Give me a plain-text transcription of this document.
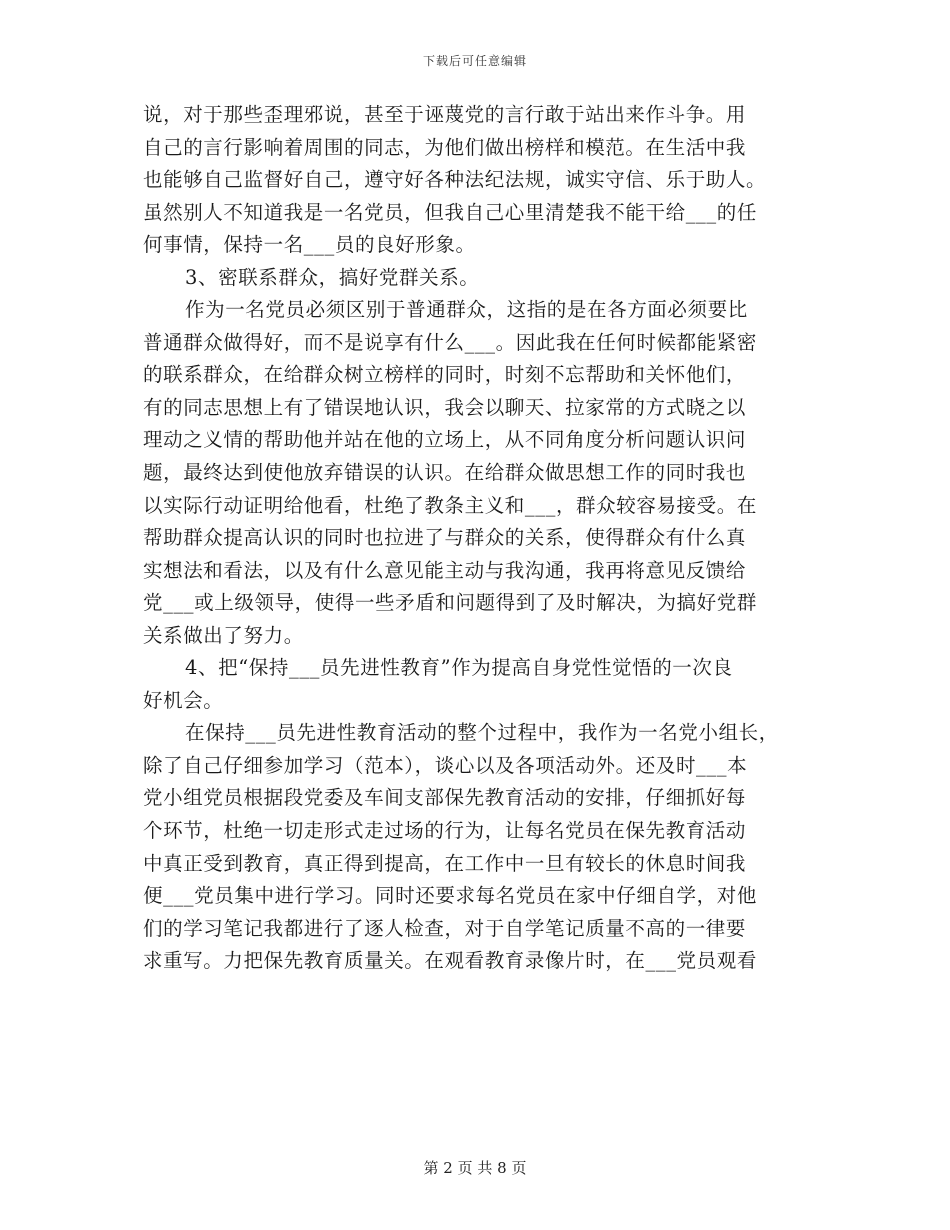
下载后可任意编辑
说，对于那些歪理邪说，甚至于诬蔑党的言行敢于站出来作斗争。用
自己的言行影响着周围的同志，为他们做出榜样和模范。在生活中我
也能够自己监督好自己，遵守好各种法纪法规，诚实守信、乐于助人。
虽然别人不知道我是一名党员，但我自己心里清楚我不能干给___的任
何事情，保持一名___员的良好形象。
3、密联系群众，搞好党群关系。
作为一名党员必须区别于普通群众，这指的是在各方面必须要比
普通群众做得好，而不是说享有什么___。因此我在任何时候都能紧密
的联系群众，在给群众树立榜样的同时，时刻不忘帮助和关怀他们，
有的同志思想上有了错误地认识，我会以聊天、拉家常的方式晓之以
理动之义情的帮助他并站在他的立场上，从不同角度分析问题认识问
题，最终达到使他放弃错误的认识。在给群众做思想工作的同时我也
以实际行动证明给他看，杜绝了教条主义和___，群众较容易接受。在
帮助群众提高认识的同时也拉进了与群众的关系，使得群众有什么真
实想法和看法，以及有什么意见能主动与我沟通，我再将意见反馈给
党___或上级领导，使得一些矛盾和问题得到了及时解决，为搞好党群
关系做出了努力。
4、把“保持___员先进性教育”作为提高自身党性觉悟的一次良
好机会。
在保持___员先进性教育活动的整个过程中，我作为一名党小组长，
除了自己仔细参加学习（范本），谈心以及各项活动外。还及时___本
党小组党员根据段党委及车间支部保先教育活动的安排，仔细抓好每
个环节，杜绝一切走形式走过场的行为，让每名党员在保先教育活动
中真正受到教育，真正得到提高，在工作中一旦有较长的休息时间我
便___党员集中进行学习。同时还要求每名党员在家中仔细自学，对他
们的学习笔记我都进行了逐人检查，对于自学笔记质量不高的一律要
求重写。力把保先教育质量关。在观看教育录像片时，在___党员观看
第 2 页 共 8 页
